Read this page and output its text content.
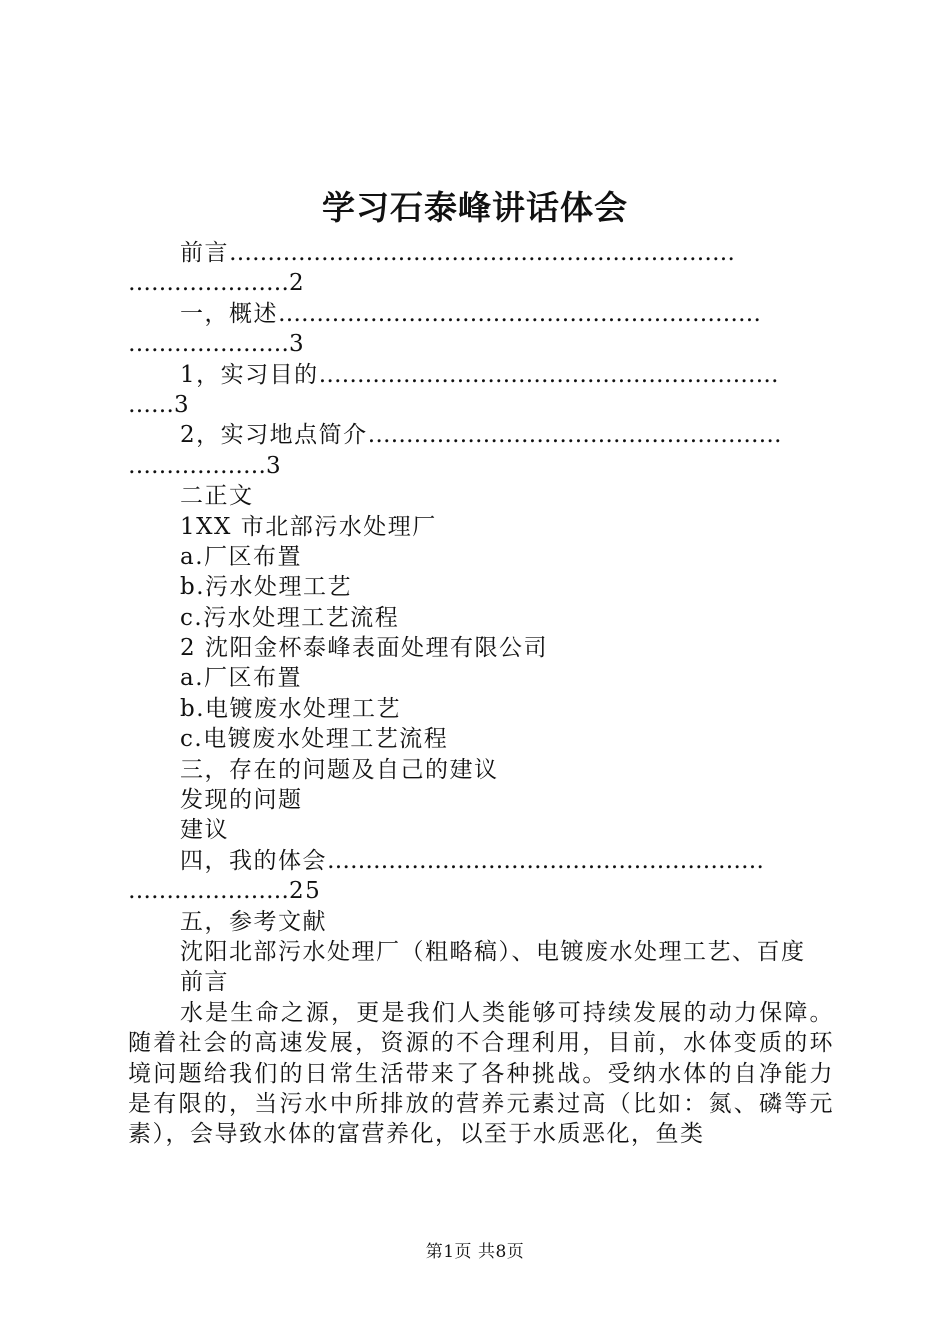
学习石泰峰讲话体会
前言…………………………………………………………
…………………2
一，概述………………………………………………………
…………………3
1，实习目的……………………………………………………
……3
2，实习地点简介………………………………………………
………………3
二正文
1XX 市北部污水处理厂
a.厂区布置
b.污水处理工艺
c.污水处理工艺流程
2 沈阳金杯泰峰表面处理有限公司
a.厂区布置
b.电镀废水处理工艺
c.电镀废水处理工艺流程
三，存在的问题及自己的建议
发现的问题
建议
四，我的体会…………………………………………………
…………………25
五，参考文献
沈阳北部污水处理厂（粗略稿）、电镀废水处理工艺、百度
前言
水是生命之源，更是我们人类能够可持续发展的动力保障。随着社会的高速发展，资源的不合理利用，目前，水体变质的环境问题给我们的日常生活带来了各种挑战。受纳水体的自净能力是有限的，当污水中所排放的营养元素过高（比如：氮、磷等元素），会导致水体的富营养化，以至于水质恶化，鱼类
第1页 共8页
